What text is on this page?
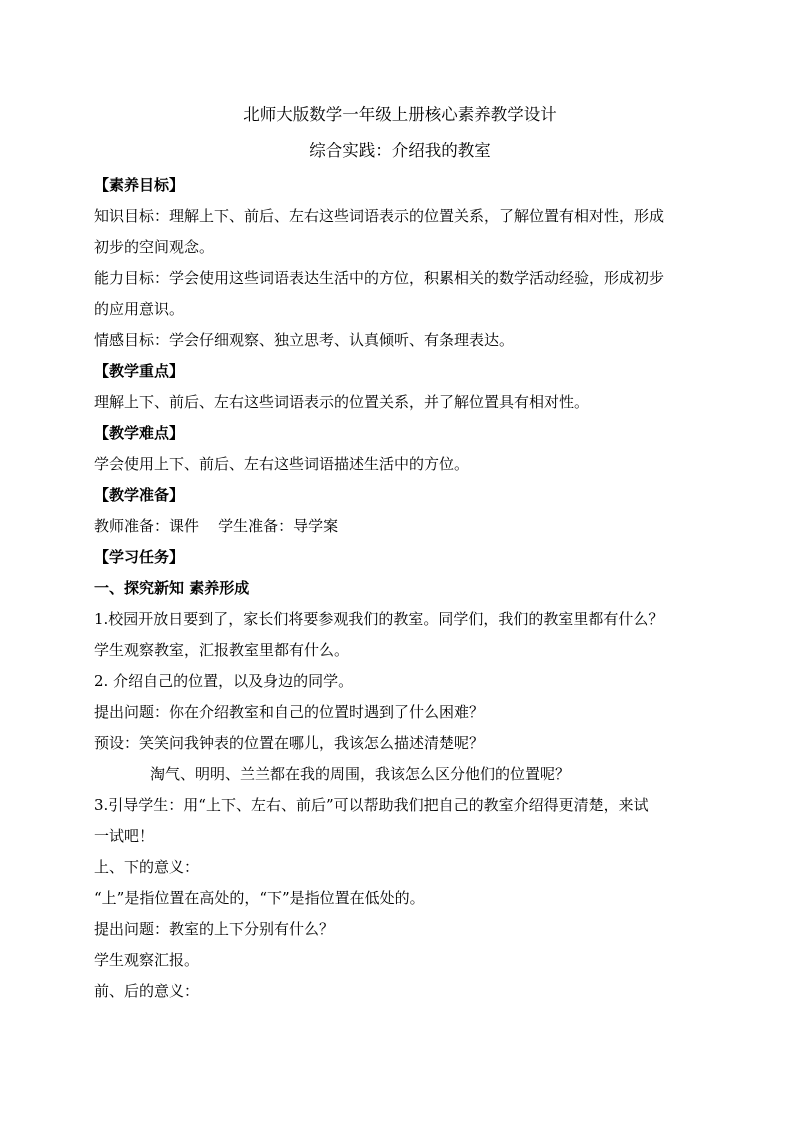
北师大版数学一年级上册核心素养教学设计
综合实践：介绍我的教室
【素养目标】
知识目标：理解上下、前后、左右这些词语表示的位置关系，了解位置有相对性，形成
初步的空间观念。
能力目标：学会使用这些词语表达生活中的方位，积累相关的数学活动经验，形成初步
的应用意识。
情感目标：学会仔细观察、独立思考、认真倾听、有条理表达。
【教学重点】
理解上下、前后、左右这些词语表示的位置关系，并了解位置具有相对性。
【教学难点】
学会使用上下、前后、左右这些词语描述生活中的方位。
【教学准备】
教师准备：课件    学生准备：导学案
【学习任务】
一、探究新知 素养形成
1.校园开放日要到了，家长们将要参观我们的教室。同学们，我们的教室里都有什么？
学生观察教室，汇报教室里都有什么。
2. 介绍自己的位置，以及身边的同学。
提出问题：你在介绍教室和自己的位置时遇到了什么困难？
预设：笑笑问我钟表的位置在哪儿，我该怎么描述清楚呢？
淘气、明明、兰兰都在我的周围，我该怎么区分他们的位置呢？
3.引导学生：用“上下、左右、前后”可以帮助我们把自己的教室介绍得更清楚，来试
一试吧！
上、下的意义：
“上”是指位置在高处的，“下”是指位置在低处的。
提出问题：教室的上下分别有什么？
学生观察汇报。
前、后的意义：
